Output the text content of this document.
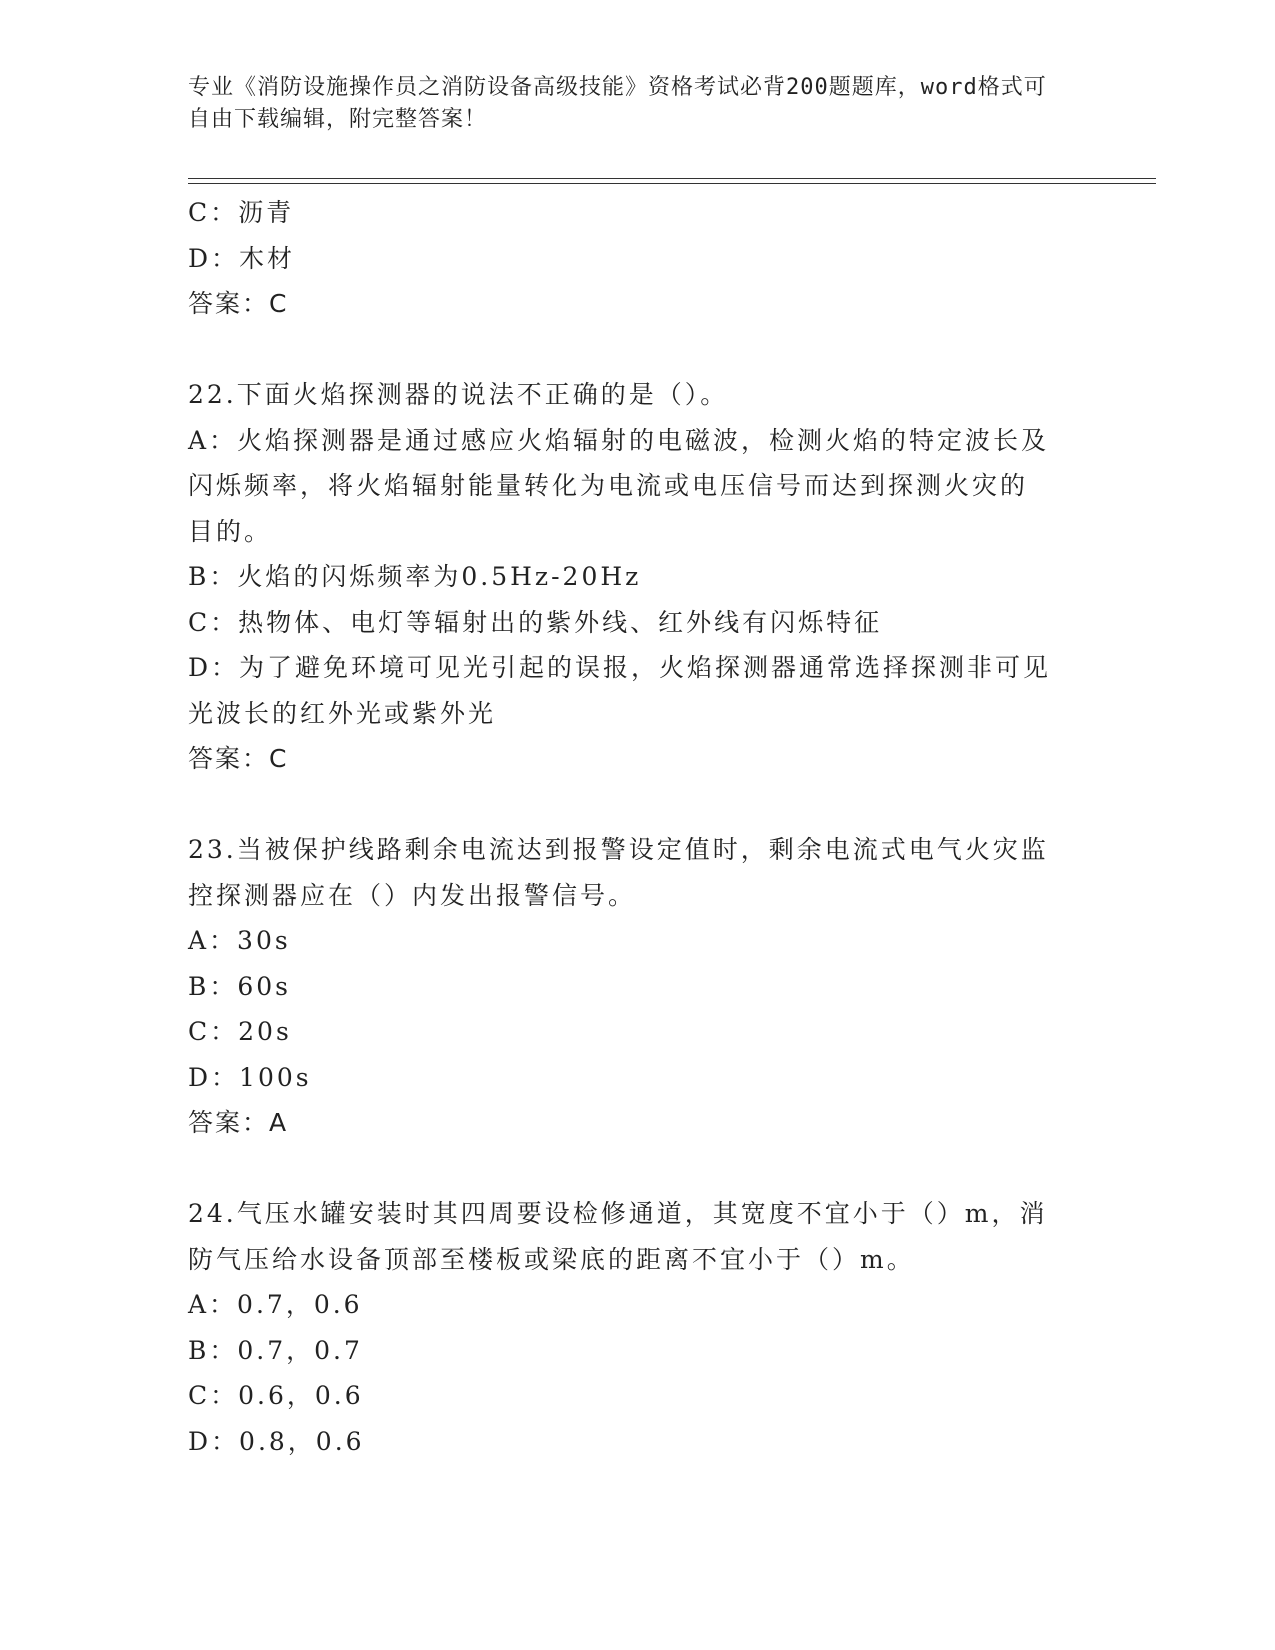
专业《消防设施操作员之消防设备高级技能》资格考试必背200题题库，word格式可自由下载编辑，附完整答案！
C：沥青
D：木材
答案：C
22.下面火焰探测器的说法不正确的是（）。
A：火焰探测器是通过感应火焰辐射的电磁波，检测火焰的特定波长及
闪烁频率，将火焰辐射能量转化为电流或电压信号而达到探测火灾的
目的。
B：火焰的闪烁频率为0.5Hz-20Hz
C：热物体、电灯等辐射出的紫外线、红外线有闪烁特征
D：为了避免环境可见光引起的误报，火焰探测器通常选择探测非可见
光波长的红外光或紫外光
答案：C
23.当被保护线路剩余电流达到报警设定值时，剩余电流式电气火灾监
控探测器应在（）内发出报警信号。
A：30s
B：60s
C：20s
D：100s
答案：A
24.气压水罐安装时其四周要设检修通道，其宽度不宜小于（）m，消
防气压给水设备顶部至楼板或梁底的距离不宜小于（）m。
A：0.7，0.6
B：0.7，0.7
C：0.6，0.6
D：0.8，0.6
